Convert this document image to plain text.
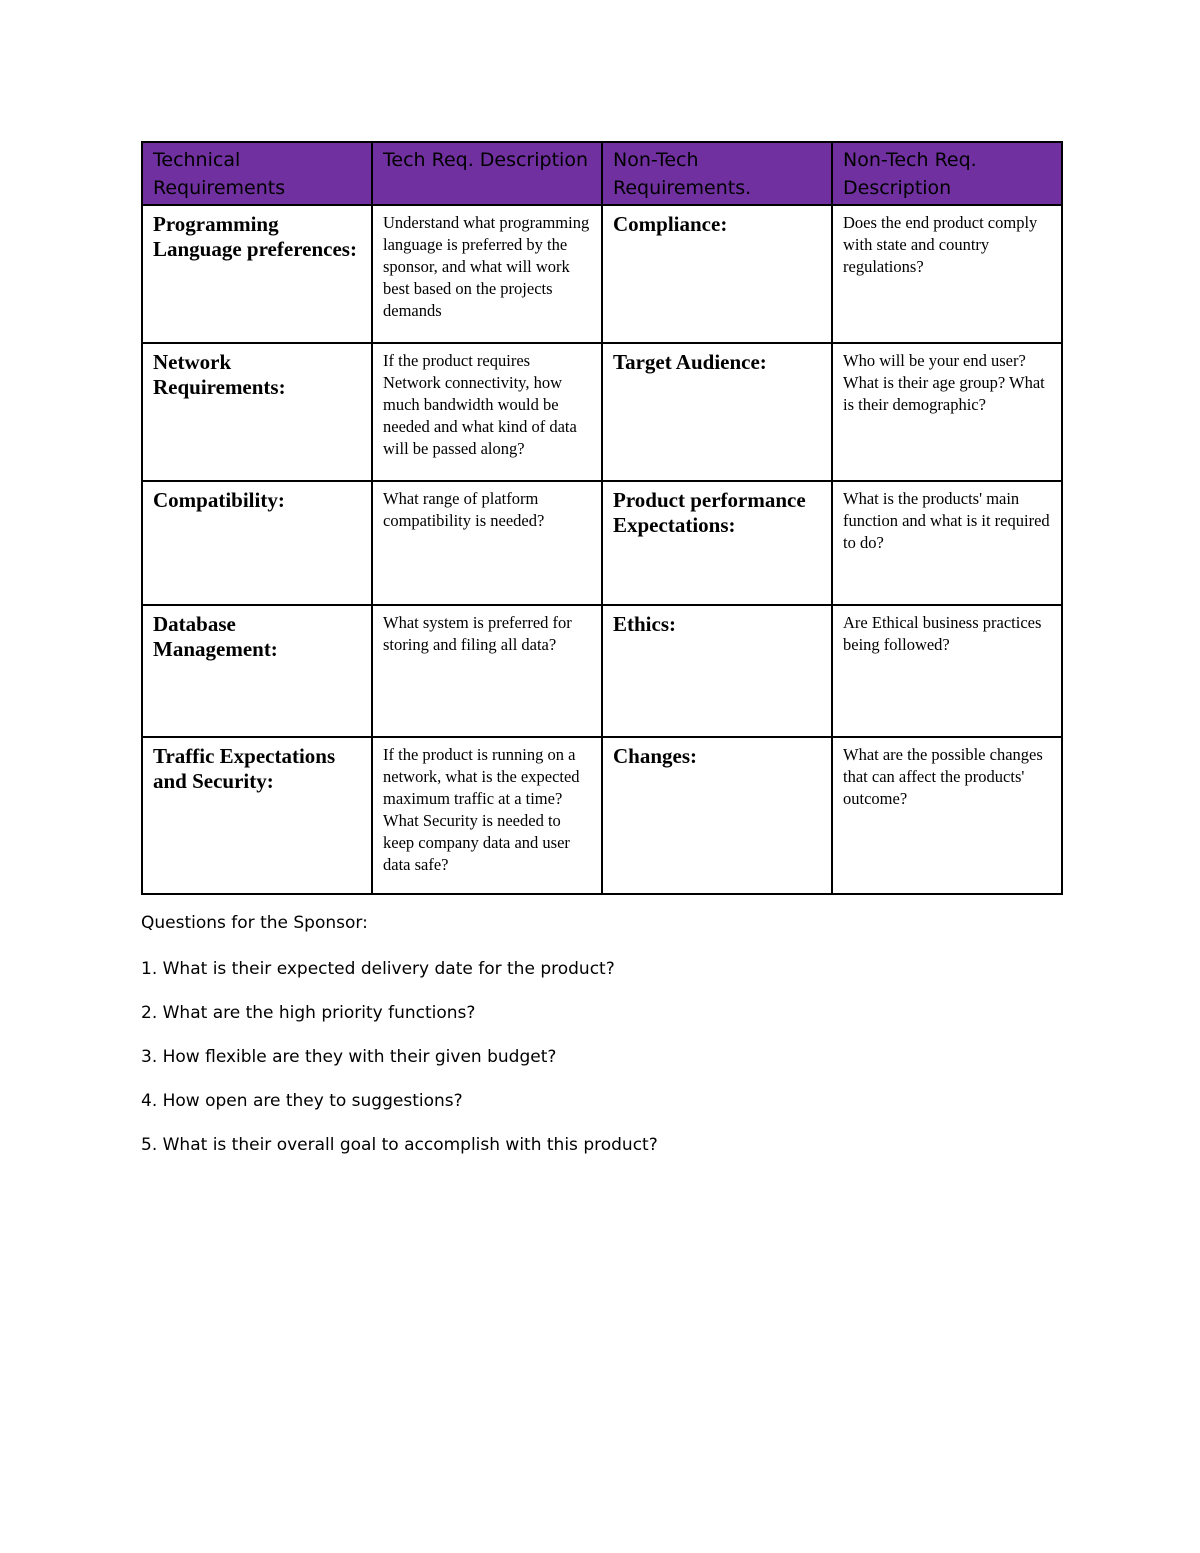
Technical Requirements	Tech Req. Description	Non-Tech Requirements.	Non-Tech Req. Description
Programming Language preferences:	Understand what programming language is preferred by the sponsor, and what will work best based on the projects demands	Compliance:	Does the end product comply with state and country regulations?
Network Requirements:	If the product requires Network connectivity, how much bandwidth would be needed and what kind of data will be passed along?	Target Audience:	Who will be your end user? What is their age group? What is their demographic?
Compatibility:	What range of platform compatibility is needed?	Product performance Expectations:	What is the products' main function and what is it required to do?
Database Management:	What system is preferred for storing and filing all data?	Ethics:	Are Ethical business practices being followed?
Traffic Expectations and Security:	If the product is running on a network, what is the expected maximum traffic at a time? What Security is needed to keep company data and user data safe?	Changes:	What are the possible changes that can affect the products' outcome?

Questions for the Sponsor:

1. What is their expected delivery date for the product?
2. What are the high priority functions?
3. How flexible are they with their given budget?
4. How open are they to suggestions?
5. What is their overall goal to accomplish with this product?
